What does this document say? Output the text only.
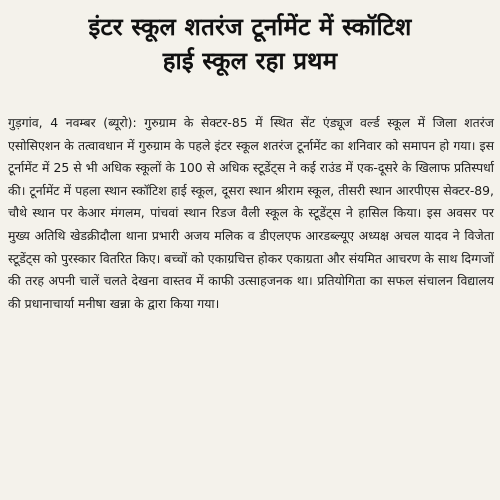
इंटर स्कूल शतरंज टूर्नामेंट में स्कॉटिश
हाई स्कूल रहा प्रथम

गुड़गांव, 4 नवम्बर (ब्यूरो): गुरुग्राम के सेक्टर-85 में स्थित सेंट एंड्यूज वर्ल्ड स्कूल में जिला शतरंज एसोसिएशन के तत्वावधान में गुरुग्राम के पहले इंटर स्कूल शतरंज टूर्नामेंट का शनिवार को समापन हो गया। इस टूर्नामेंट में 25 से भी अधिक स्कूलों के 100 से अधिक स्टूडेंट्स ने कई राउंड में एक-दूसरे के खिलाफ प्रतिस्पर्धा की। टूर्नामेंट में पहला स्थान स्कॉटिश हाई स्कूल, दूसरा स्थान श्रीराम स्कूल, तीसरी स्थान आरपीएस सेक्टर-89, चौथे स्थान पर केआर मंगलम, पांचवां स्थान रिडज वैली स्कूल के स्टूडेंट्स ने हासिल किया। इस अवसर पर मुख्य अतिथि खेडक्रीदौला थाना प्रभारी अजय मलिक व डीएलएफ आरडब्ल्यूए अध्यक्ष अचल यादव ने विजेता स्टूडेंट्स को पुरस्कार वितरित किए। बच्चों को एकाग्रचित्त होकर एकाग्रता और संयमित आचरण के साथ दिग्गजों की तरह अपनी चालें चलते देखना वास्तव में काफी उत्साहजनक था। प्रतियोगिता का सफल संचालन विद्यालय की प्रधानाचार्या मनीषा खन्ना के द्वारा किया गया।
